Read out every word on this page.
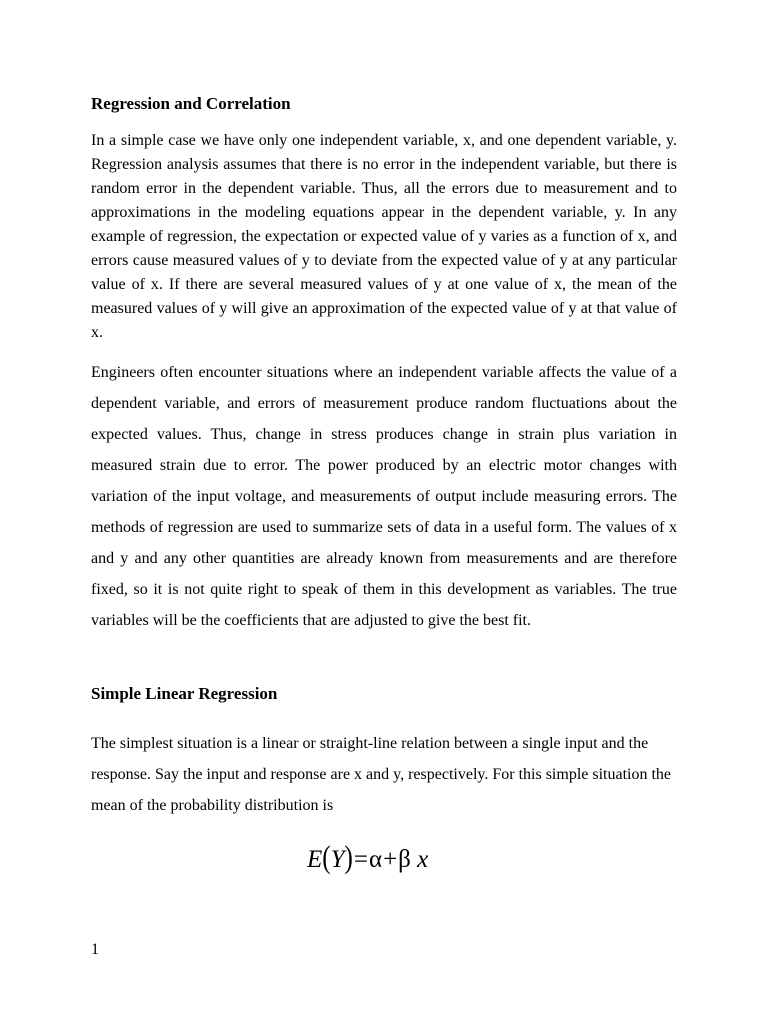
Regression and Correlation

In a simple case we have only one independent variable, x, and one dependent variable, y. Regression analysis assumes that there is no error in the independent variable, but there is random error in the dependent variable. Thus, all the errors due to measurement and to approximations in the modeling equations appear in the dependent variable, y. In any example of regression, the expectation or expected value of y varies as a function of x, and errors cause measured values of y to deviate from the expected value of y at any particular value of x. If there are several measured values of y at one value of x, the mean of the measured values of y will give an approximation of the expected value of y at that value of x.

Engineers often encounter situations where an independent variable affects the value of a dependent variable, and errors of measurement produce random fluctuations about the expected values. Thus, change in stress produces change in strain plus variation in measured strain due to error. The power produced by an electric motor changes with variation of the input voltage, and measurements of output include measuring errors. The methods of regression are used to summarize sets of data in a useful form. The values of x and y and any other quantities are already known from measurements and are therefore fixed, so it is not quite right to speak of them in this development as variables. The true variables will be the coefficients that are adjusted to give the best fit.

Simple Linear Regression

The simplest situation is a linear or straight-line relation between a single input and the response. Say the input and response are x and y, respectively. For this simple situation the mean of the probability distribution is

E(Y)=α+β x
1
